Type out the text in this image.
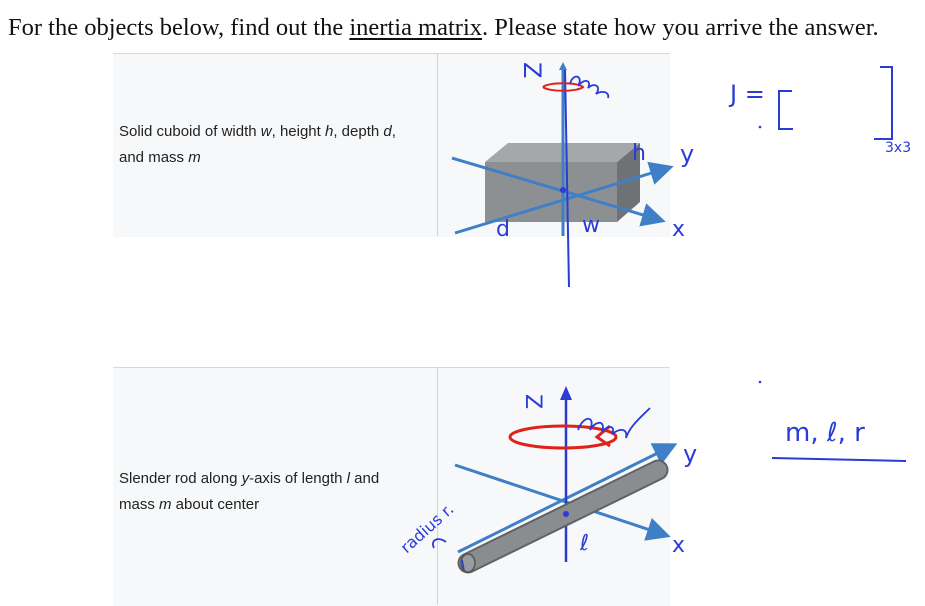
For the objects below, find out the inertia matrix. Please state how you arrive the answer.
Solid cuboid of width w, height h, depth d,
and mass m
Slender rod along y-axis of length l and
mass m about center
Z
h y
x
w
d
J =
3x3
Z
y
x
ℓ
radius r.
m, ℓ, r
